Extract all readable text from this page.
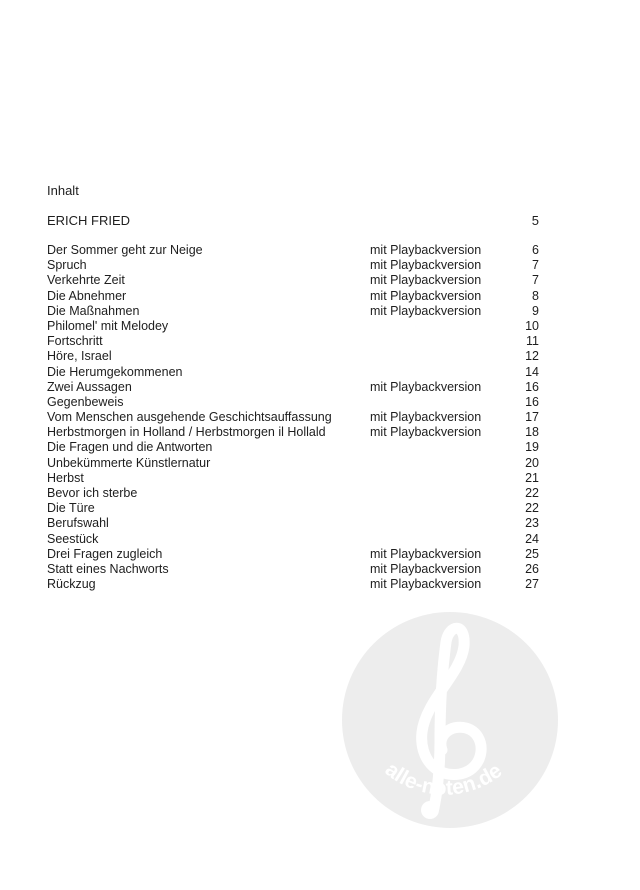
Inhalt
ERICH FRIED	5
Der Sommer geht zur Neige	mit Playbackversion	6
Spruch	mit Playbackversion	7
Verkehrte Zeit	mit Playbackversion	7
Die Abnehmer	mit Playbackversion	8
Die Maßnahmen	mit Playbackversion	9
Philomel' mit Melodey	10
Fortschritt	11
Höre, Israel	12
Die Herumgekommenen	14
Zwei Aussagen	mit Playbackversion	16
Gegenbeweis	16
Vom Menschen ausgehende Geschichtsauffassung	mit Playbackversion	17
Herbstmorgen in Holland / Herbstmorgen il Hollald	mit Playbackversion	18
Die Fragen und die Antworten	19
Unbekümmerte Künstlernatur	20
Herbst	21
Bevor ich sterbe	22
Die Türe	22
Berufswahl	23
Seestück	24
Drei Fragen zugleich	mit Playbackversion	25
Statt eines Nachworts	mit Playbackversion	26
Rückzug	mit Playbackversion	27
alle-noten.de
